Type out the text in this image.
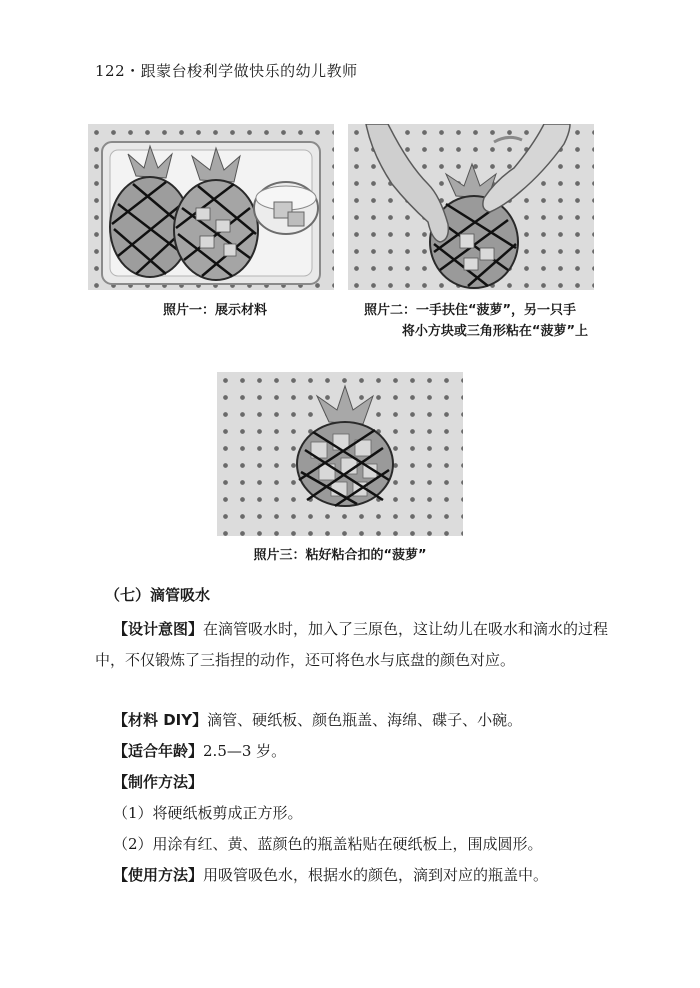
122・跟蒙台梭利学做快乐的幼儿教师
照片一：展示材料	照片二：一手扶住“菠萝”，另一只手
将小方块或三角形粘在“菠萝”上
照片三：粘好粘合扣的“菠萝”
（七）滴管吸水
【设计意图】在滴管吸水时，加入了三原色，这让幼儿在吸水和滴水的过程中，不仅锻炼了三指捏的动作，还可将色水与底盘的颜色对应。
【材料 DIY】滴管、硬纸板、颜色瓶盖、海绵、碟子、小碗。
【适合年龄】2.5—3 岁。
【制作方法】
（1）将硬纸板剪成正方形。
（2）用涂有红、黄、蓝颜色的瓶盖粘贴在硬纸板上，围成圆形。
【使用方法】用吸管吸色水，根据水的颜色，滴到对应的瓶盖中。
